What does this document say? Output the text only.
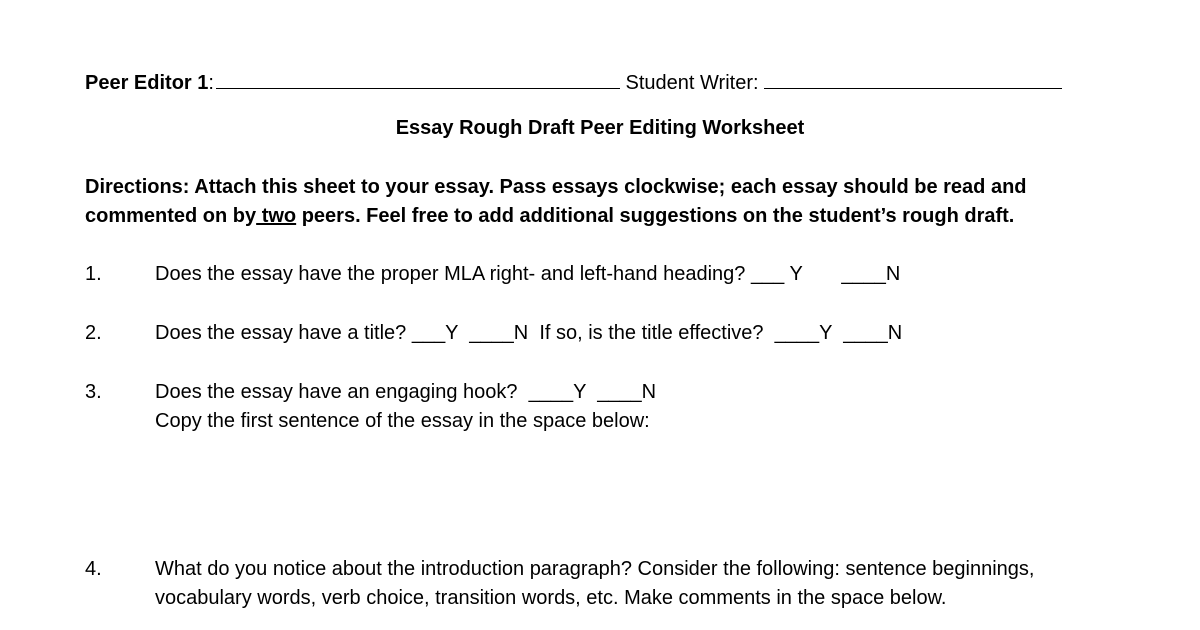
Peer Editor 1:	Student Writer:
Essay Rough Draft Peer Editing Worksheet
Directions: Attach this sheet to your essay. Pass essays clockwise; each essay should be read and commented on by two peers. Feel free to add additional suggestions on the student’s rough draft.
1.	Does the essay have the proper MLA right- and left-hand heading? ___ Y       ____N
2.	Does the essay have a title? ___Y  ____N  If so, is the title effective?  ____Y  ____N
3.	Does the essay have an engaging hook?  ____Y  ____N
Copy the first sentence of the essay in the space below:
4.	What do you notice about the introduction paragraph? Consider the following: sentence beginnings, vocabulary words, verb choice, transition words, etc. Make comments in the space below.
